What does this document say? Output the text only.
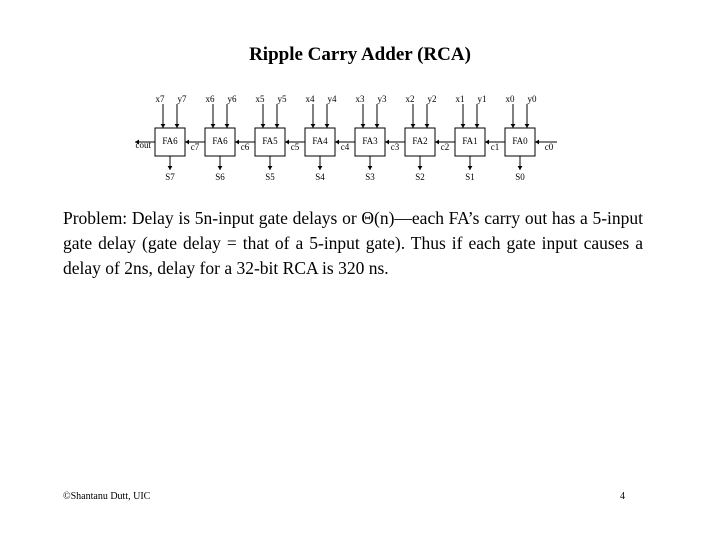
Ripple Carry Adder (RCA)
FA6
x7 y7
S7
c7
FA6
x6 y6
S6
c6
FA5
x5 y5
S5
c5
FA4
x4 y4
S4
c4
FA3
x3 y3
S3
c3
FA2
x2 y2
S2
c2
FA1
x1 y1
S1
c1
FA0
x0 y0
S0
c0
cout
Problem: Delay is 5n-input gate delays or Θ(n)—each FA’s carry out has a 5-input gate delay (gate delay = that of a 5-input gate). Thus if each gate input causes a delay of 2ns, delay for a 32-bit RCA is 320 ns.
©Shantanu Dutt, UIC	4
